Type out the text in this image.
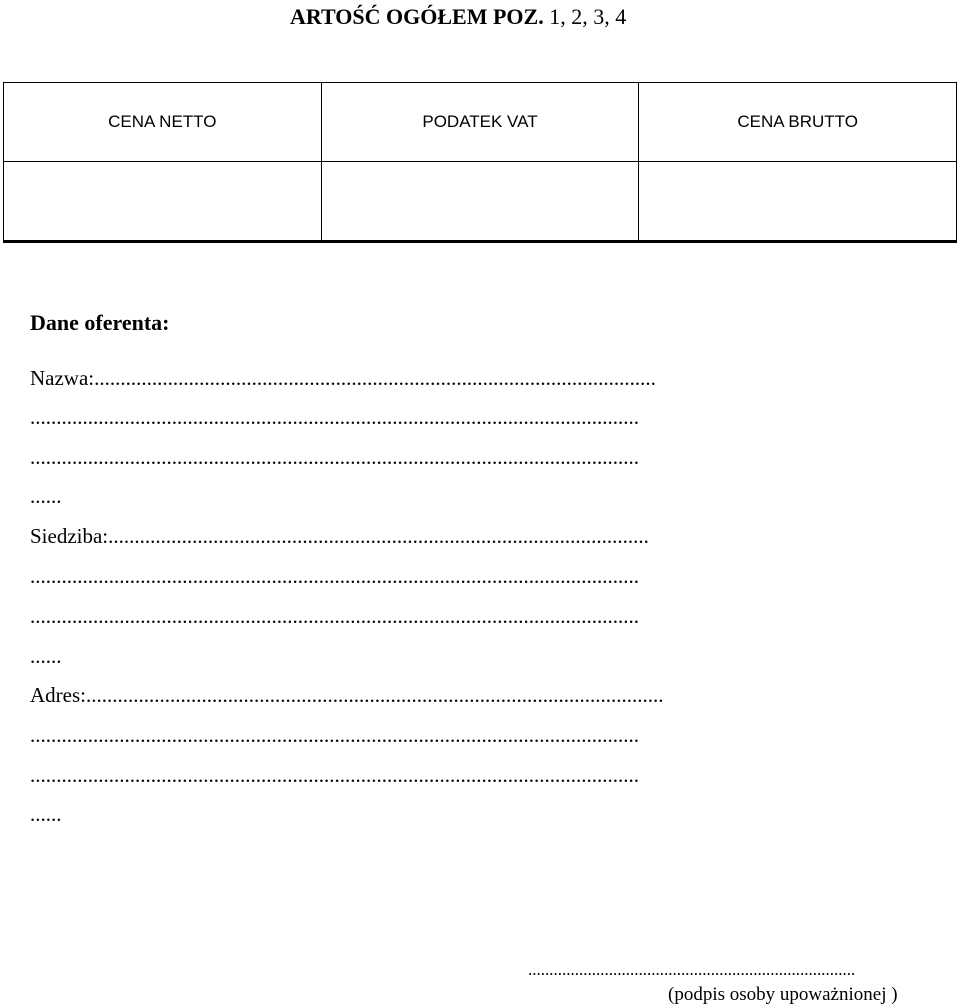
ARTOŚĆ OGÓŁEM POZ. 1, 2, 3, 4
CENA NETTO	PODATEK VAT	CENA BRUTTO

Dane oferenta:
Nazwa:...........................................................................................................
....................................................................................................................
....................................................................................................................
......
Siedziba:.......................................................................................................
....................................................................................................................
....................................................................................................................
......
Adres:..............................................................................................................
....................................................................................................................
....................................................................................................................
......
.............................................................................
(podpis osoby upoważnionej )
